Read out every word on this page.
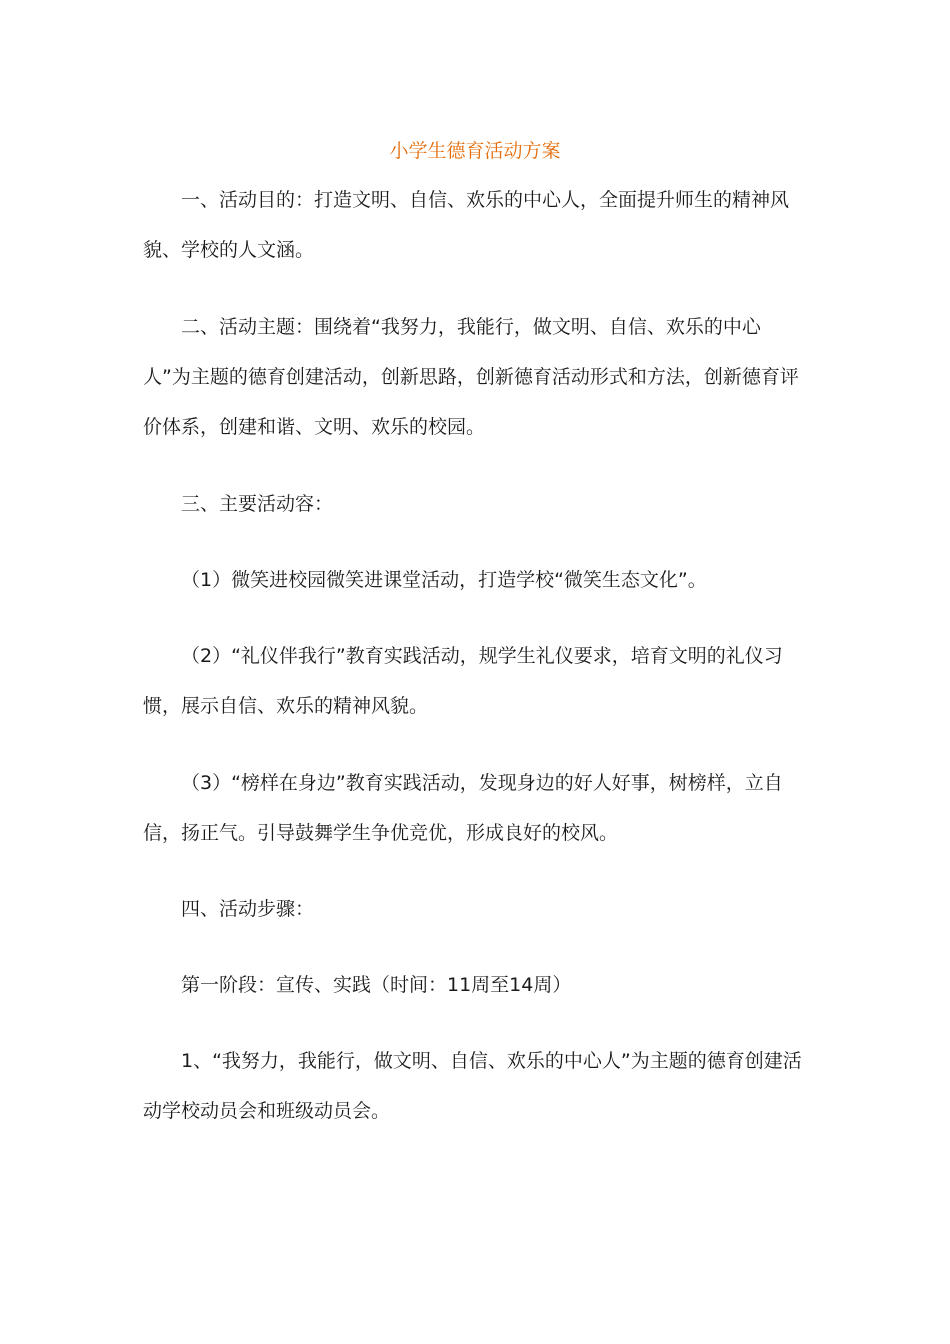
小学生德育活动方案

一、活动目的：打造文明、自信、欢乐的中心人，全面提升师生的精神风貌、学校的人文涵。

二、活动主题：围绕着“我努力，我能行，做文明、自信、欢乐的中心人”为主题的德育创建活动，创新思路，创新德育活动形式和方法，创新德育评价体系，创建和谐、文明、欢乐的校园。

三、主要活动容：

（1）微笑进校园微笑进课堂活动，打造学校“微笑生态文化”。

（2）“礼仪伴我行”教育实践活动，规学生礼仪要求，培育文明的礼仪习惯，展示自信、欢乐的精神风貌。

（3）“榜样在身边”教育实践活动，发现身边的好人好事，树榜样，立自信，扬正气。引导鼓舞学生争优竞优，形成良好的校风。

四、活动步骤：

第一阶段：宣传、实践（时间：11周至14周）

1、“我努力，我能行，做文明、自信、欢乐的中心人”为主题的德育创建活动学校动员会和班级动员会。
